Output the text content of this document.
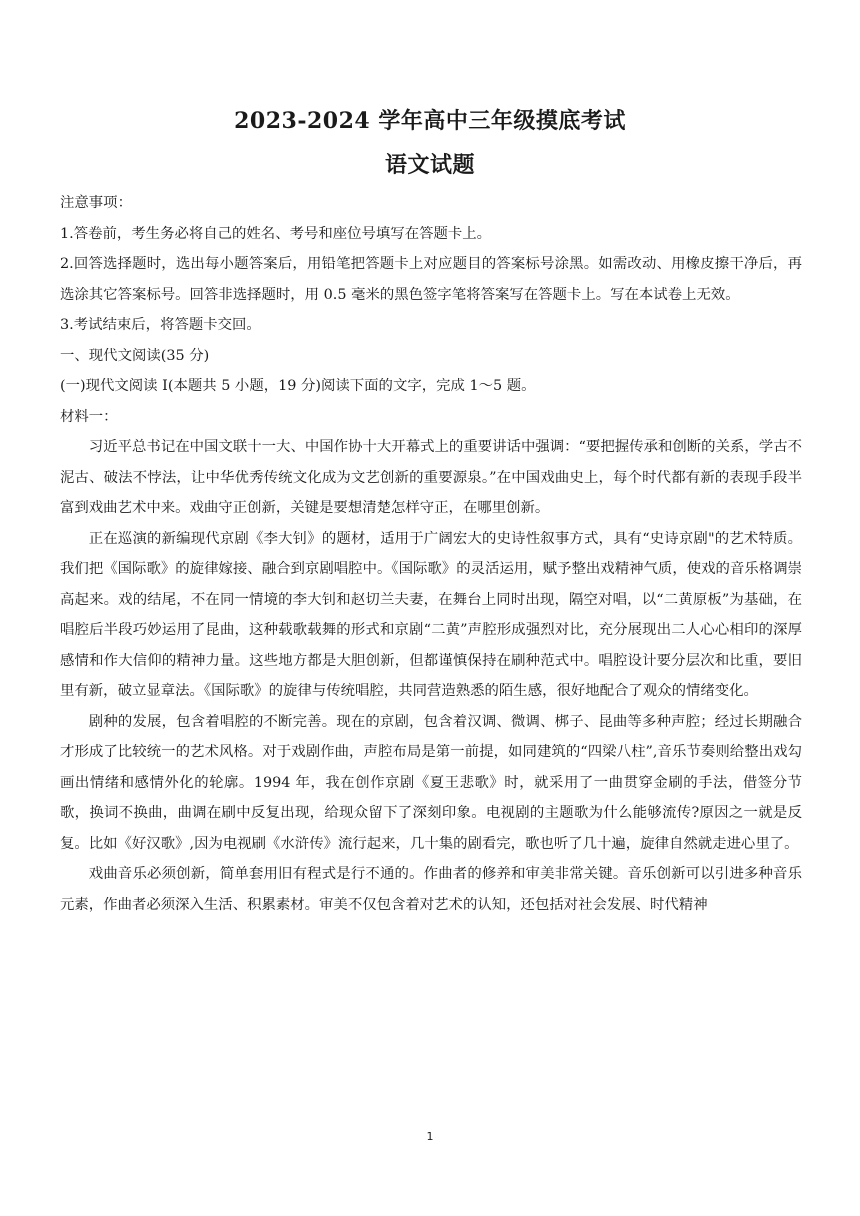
2023-2024 学年高中三年级摸底考试
语文试题

注意事项：

1.答卷前，考生务必将自己的姓名、考号和座位号填写在答题卡上。

2.回答选择题时，选出每小题答案后，用铅笔把答题卡上对应题目的答案标号涂黑。如需改动、用橡皮擦干净后，再选涂其它答案标号。回答非选择题时，用 0.5 毫米的黑色签字笔将答案写在答题卡上。写在本试卷上无效。

3.考试结束后，将答题卡交回。

一、现代文阅读(35 分)

(一)现代文阅读 I(本题共 5 小题，19 分)阅读下面的文字，完成 1～5 题。

材料一：

习近平总书记在中国文联十一大、中国作协十大开幕式上的重要讲话中强调：“要把握传承和创断的关系，学古不泥古、破法不悖法，让中华优秀传统文化成为文艺创新的重要源泉。”在中国戏曲史上，每个时代都有新的表现手段半富到戏曲艺术中来。戏曲守正创新，关键是要想清楚怎样守正，在哪里创新。

正在巡演的新编现代京剧《李大钊》的题材，适用于广阔宏大的史诗性叙事方式，具有“史诗京剧"的艺术特质。我们把《国际歌》的旋律嫁接、融合到京剧唱腔中。《国际歌》的灵活运用，赋予整出戏精神气质，使戏的音乐格调崇高起来。戏的结尾，不在同一情境的李大钊和赵切兰夫妻，在舞台上同时出现，隔空对唱，以“二黄原板”为基础，在唱腔后半段巧妙运用了昆曲，这种载歌载舞的形式和京剧“二黄”声腔形成强烈对比，充分展现出二人心心相印的深厚感情和作大信仰的精神力量。这些地方都是大胆创新，但都谨慎保持在刷种范式中。唱腔设计要分层次和比重，要旧里有新，破立显章法。《国际歌》的旋律与传统唱腔，共同营造熟悉的陌生感，很好地配合了观众的情绪变化。

剧种的发展，包含着唱腔的不断完善。现在的京剧，包含着汉调、微调、梆子、昆曲等多种声腔；经过长期融合才形成了比较统一的艺术风格。对于戏剧作曲，声腔布局是第一前提，如同建筑的“四梁八柱”,音乐节奏则给整出戏勾画出情绪和感情外化的轮廓。1994 年，我在创作京剧《夏王悲歌》时，就采用了一曲贯穿金刷的手法，借签分节歌，换词不换曲，曲调在刷中反复出现，给现众留下了深刻印象。电视剧的主题歌为什么能够流传?原因之一就是反复。比如《好汉歌》,因为电视刷《水浒传》流行起来，几十集的剧看完，歌也听了几十遍，旋律自然就走进心里了。

戏曲音乐必须创新，简单套用旧有程式是行不通的。作曲者的修养和审美非常关键。音乐创新可以引进多种音乐元素，作曲者必须深入生活、积累素材。审美不仅包含着对艺术的认知，还包括对社会发展、时代精神

1
